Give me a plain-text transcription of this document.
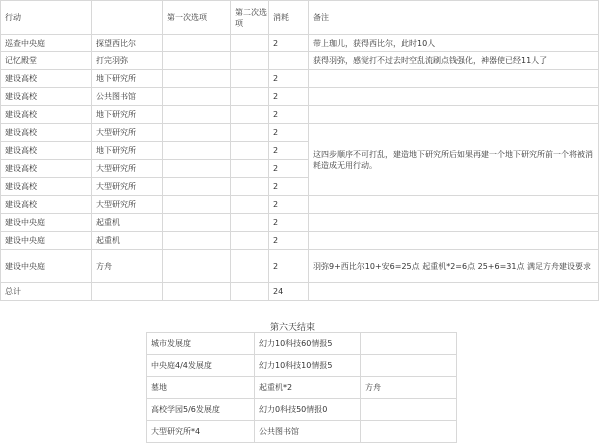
行动		第一次选项	第二次选项	消耗	备注
巡查中央庭	探望西比尔			2	带上珈儿，获得西比尔，此时10人
记忆殿堂	打完羽弥				获得羽弥，感觉打不过去时空乱流刷点钱强化，神器使已经11人了
建设高校	地下研究所			2	
建设高校	公共图书馆			2	
建设高校	地下研究所			2	
建设高校	大型研究所			2	这四步顺序不可打乱，建造地下研究所后如果再建一个地下研究所前一个将被消耗造成无用行动。
建设高校	地下研究所			2	
建设高校	大型研究所			2	
建设高校	大型研究所			2	
建设高校	大型研究所			2	
建设中央庭	起重机			2	
建设中央庭	起重机			2	
建设中央庭	方舟			2	羽弥9+西比尔10+安6=25点 起重机*2=6点 25+6=31点 满足方舟建设要求
总计				24	
第六天结束
城市发展度	幻力10科技60情报5	
中央庭4/4发展度	幻力10科技10情报5	
墓地	起重机*2	方舟
高校学园5/6发展度	幻力0科技50情报0	
大型研究所*4	公共图书馆	
